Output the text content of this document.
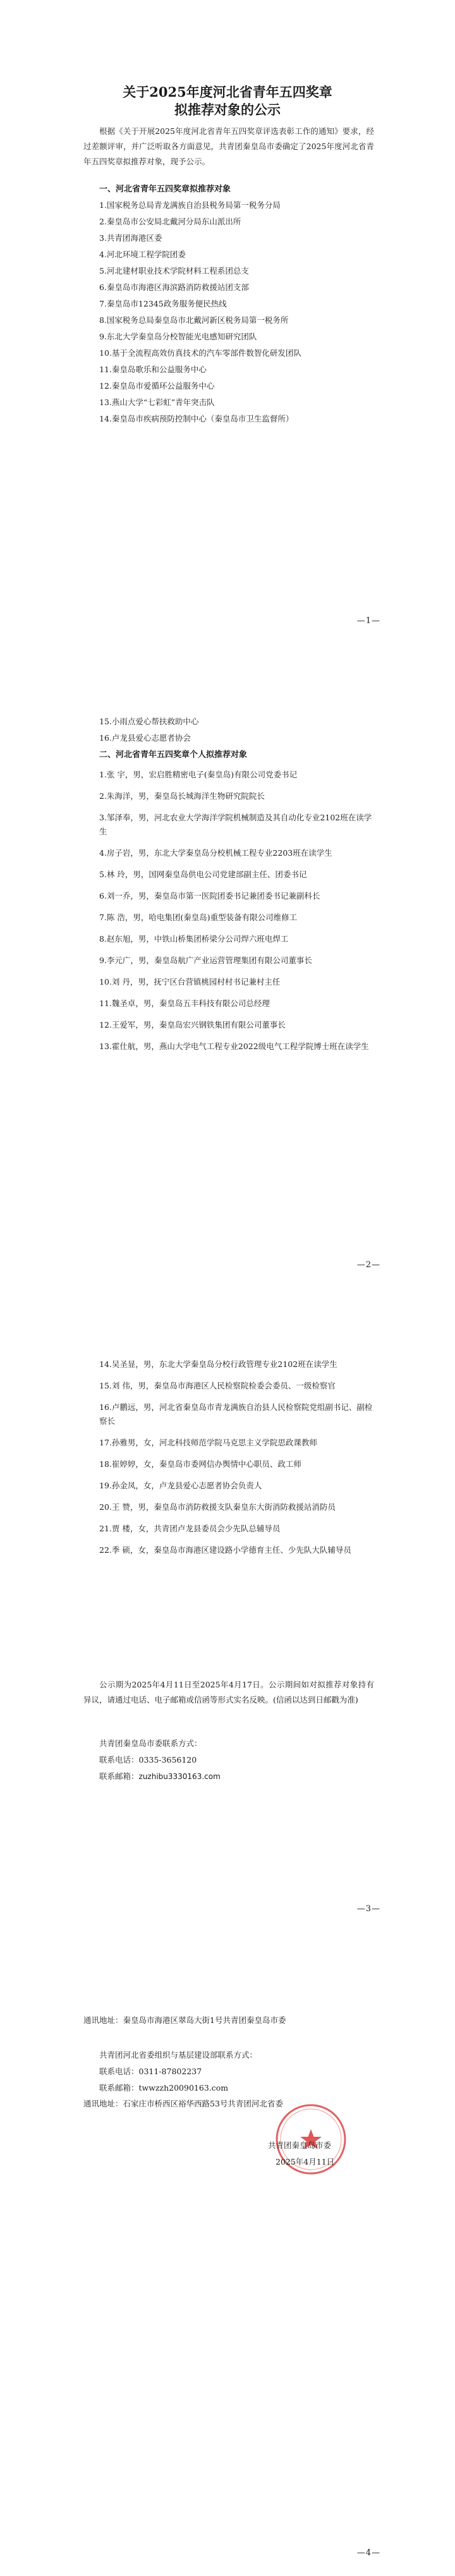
关于2025年度河北省青年五四奖章
拟推荐对象的公示
根据《关于开展2025年度河北省青年五四奖章评选表彰工作的通知》要求，经过差额评审，并广泛听取各方面意见，共青团秦皇岛市委确定了2025年度河北省青年五四奖章拟推荐对象，现予公示。
一、河北省青年五四奖章拟推荐对象
1.国家税务总局青龙满族自治县税务局第一税务分局
2.秦皇岛市公安局北戴河分局东山派出所
3.共青团海港区委
4.河北环境工程学院团委
5.河北建材职业技术学院材料工程系团总支
6.秦皇岛市海港区海滨路消防救援站团支部
7.秦皇岛市12345政务服务便民热线
8.国家税务总局秦皇岛市北戴河新区税务局第一税务所
9.东北大学秦皇岛分校智能光电感知研究团队
10.基于全流程高效仿真技术的汽车零部件数智化研发团队
11.秦皇岛歌乐和公益服务中心
12.秦皇岛市爱循环公益服务中心
13.燕山大学“七彩虹”青年突击队
14.秦皇岛市疾病预防控制中心（秦皇岛市卫生监督所）
—1—
15.小雨点爱心帮扶救助中心
16.卢龙县爱心志愿者协会
二、河北省青年五四奖章个人拟推荐对象
1.张 宇，男，宏启胜精密电子(秦皇岛)有限公司党委书记
2.朱海洋，男，秦皇岛长城海洋生物研究院院长
3.邹泽奉，男，河北农业大学海洋学院机械制造及其自动化专业2102班在读学生
4.房子岩，男，东北大学秦皇岛分校机械工程专业2203班在读学生
5.林 玲，男，国网秦皇岛供电公司党建部副主任、团委书记
6.刘一乔，男，秦皇岛市第一医院团委书记兼团委书记兼副科长
7.陈 浩，男，哈电集团(秦皇岛)重型装备有限公司维修工
8.赵东旭，男，中铁山桥集团桥梁分公司焊六班电焊工
9.李元广，男，秦皇岛航广产业运营管理集团有限公司董事长
10.刘 丹，男，抚宁区台营镇桃园村村书记兼村主任
11.魏圣卓，男，秦皇岛五丰科技有限公司总经理
12.王爱军，男，秦皇岛宏兴钢铁集团有限公司董事长
13.霍仕航，男，燕山大学电气工程专业2022级电气工程学院博士班在读学生
—2—
14.吴圣显，男，东北大学秦皇岛分校行政管理专业2102班在读学生
15.刘 伟，男，秦皇岛市海港区人民检察院检委会委员、一级检察官
16.卢鹏远，男，河北省秦皇岛市青龙满族自治县人民检察院党组副书记、副检察长
17.孙雅男，女，河北科技师范学院马克思主义学院思政课教师
18.崔婷婷，女，秦皇岛市委网信办舆情中心职员、政工师
19.孙金凤，女，卢龙县爱心志愿者协会负责人
20.王 赞，男，秦皇岛市消防救援支队秦皇东大街消防救援站消防员
21.贾 楼，女，共青团卢龙县委员会少先队总辅导员
22.季 硕，女，秦皇岛市海港区建设路小学德育主任、少先队大队辅导员
公示期为2025年4月11日至2025年4月17日。公示期间如对拟推荐对象持有异议，请通过电话、电子邮箱或信函等形式实名反映。(信函以达到日邮戳为准)
共青团秦皇岛市委联系方式：
联系电话：0335-3656120
联系邮箱：zuzhibu3330163.com
—3—
通讯地址：秦皇岛市海港区翠岛大街1号共青团秦皇岛市委
共青团河北省委组织与基层建设部联系方式：
联系电话：0311-87802237
联系邮箱：twwzzh20090163.com
通讯地址：石家庄市桥西区裕华西路53号共青团河北省委
共青团秦皇岛市委
2025年4月11日
—4—
